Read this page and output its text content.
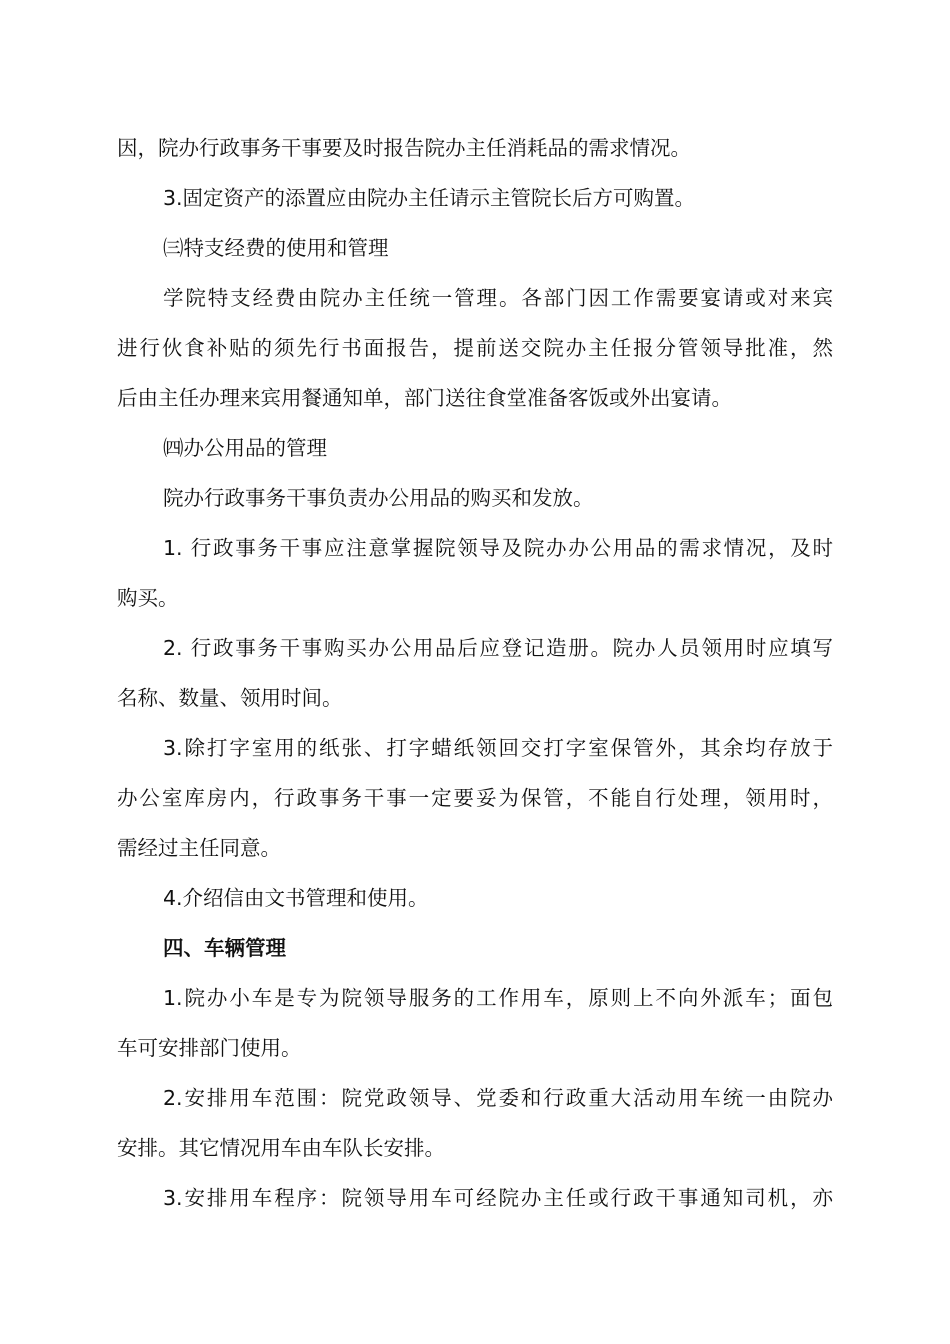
因，院办行政事务干事要及时报告院办主任消耗品的需求情况。
3.固定资产的添置应由院办主任请示主管院长后方可购置。
㈢特支经费的使用和管理
学院特支经费由院办主任统一管理。各部门因工作需要宴请或对来宾
进行伙食补贴的须先行书面报告，提前送交院办主任报分管领导批准，然
后由主任办理来宾用餐通知单，部门送往食堂准备客饭或外出宴请。
㈣办公用品的管理
院办行政事务干事负责办公用品的购买和发放。
1. 行政事务干事应注意掌握院领导及院办办公用品的需求情况，及时
购买。
2. 行政事务干事购买办公用品后应登记造册。院办人员领用时应填写
名称、数量、领用时间。
3.除打字室用的纸张、打字蜡纸领回交打字室保管外，其余均存放于
办公室库房内，行政事务干事一定要妥为保管，不能自行处理，领用时，
需经过主任同意。
4.介绍信由文书管理和使用。
四、车辆管理
1.院办小车是专为院领导服务的工作用车，原则上不向外派车；面包
车可安排部门使用。
2.安排用车范围：院党政领导、党委和行政重大活动用车统一由院办
安排。其它情况用车由车队长安排。
3.安排用车程序：院领导用车可经院办主任或行政干事通知司机，亦
